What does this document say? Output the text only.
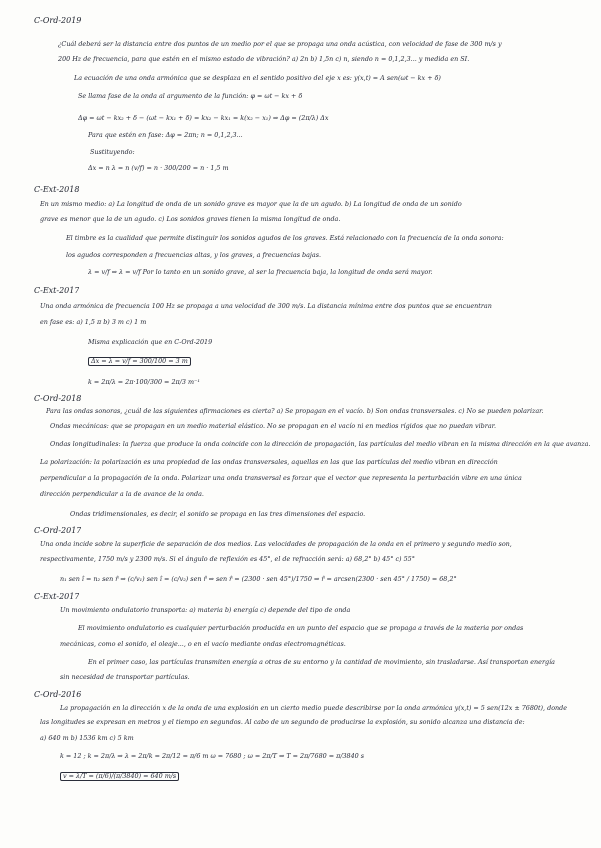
C-Ord-2019
¿Cuál deberá ser la distancia entre dos puntos de un medio por el que se propaga una onda acústica, con velocidad de fase de 300 m/s y
200 Hz de frecuencia, para que estén en el mismo estado de vibración? a) 2n b) 1,5n c) n, siendo n = 0,1,2,3... y medida en SI.
La ecuación de una onda armónica que se desplaza en el sentido positivo del eje x es: y(x,t) = A sen(ωt − kx + δ)
Se llama fase de la onda al argumento de la función: φ = ωt − kx + δ
Δφ = ωt − kx₂ + δ − (ωt − kx₁ + δ) = kx₂ − kx₁ = k(x₂ − x₁) ⇒ Δφ = (2π/λ) Δx
Para que estén en fase: Δφ = 2πn; n = 0,1,2,3...
Sustituyendo:
Δx = n λ = n (v/f) = n · 300/200 = n · 1,5 m
C-Ext-2018
En un mismo medio: a) La longitud de onda de un sonido grave es mayor que la de un agudo. b) La longitud de onda de un sonido
grave es menor que la de un agudo. c) Los sonidos graves tienen la misma longitud de onda.
El timbre es la cualidad que permite distinguir los sonidos agudos de los graves. Está relacionado con la frecuencia de la onda sonora:
los agudos corresponden a frecuencias altas, y los graves, a frecuencias bajas.
λ = v/f ⇒ λ = v/f Por lo tanto en un sonido grave, al ser la frecuencia baja, la longitud de onda será mayor.
C-Ext-2017
Una onda armónica de frecuencia 100 Hz se propaga a una velocidad de 300 m/s. La distancia mínima entre dos puntos que se encuentran
en fase es: a) 1,5 π b) 3 m c) 1 m
Misma explicación que en C-Ord-2019
Δx = λ = v/f = 300/100 = 3 m
k = 2π/λ = 2π·100/300 = 2π/3 m⁻¹
C-Ord-2018
Para las ondas sonoras, ¿cuál de las siguientes afirmaciones es cierta? a) Se propagan en el vacío. b) Son ondas transversales. c) No se pueden polarizar.
Ondas mecánicas: que se propagan en un medio material elástico. No se propagan en el vacío ni en medios rígidos que no puedan vibrar.
Ondas longitudinales: la fuerza que produce la onda coincide con la dirección de propagación, las partículas del medio vibran en la misma dirección en la que avanza.
La polarización: la polarización es una propiedad de las ondas transversales, aquellas en las que las partículas del medio vibran en dirección
perpendicular a la propagación de la onda. Polarizar una onda transversal es forzar que el vector que representa la perturbación vibre en una única
dirección perpendicular a la de avance de la onda.
Ondas tridimensionales, es decir, el sonido se propaga en las tres dimensiones del espacio.
C-Ord-2017
Una onda incide sobre la superficie de separación de dos medios. Las velocidades de propagación de la onda en el primero y segundo medio son,
respectivamente, 1750 m/s y 2300 m/s. Si el ángulo de reflexión es 45°, el de refracción será: a) 68,2° b) 45° c) 55°
n₁ sen î = n₂ sen r̂ ⇒ (c/v₁) sen î = (c/v₂) sen r̂ ⇒ sen r̂ = (2300 · sen 45°)/1750 ⇒ r̂ = arcsen(2300 · sen 45° / 1750) = 68,2°
C-Ext-2017
Un movimiento ondulatorio transporta: a) materia b) energía c) depende del tipo de onda
El movimiento ondulatorio es cualquier perturbación producida en un punto del espacio que se propaga a través de la materia por ondas
mecánicas, como el sonido, el oleaje..., o en el vacío mediante ondas electromagnéticas.
En el primer caso, las partículas transmiten energía a otras de su entorno y la cantidad de movimiento, sin trasladarse. Así transportan energía
sin necesidad de transportar partículas.
C-Ord-2016
La propagación en la dirección x de la onda de una explosión en un cierto medio puede describirse por la onda armónica y(x,t) = 5 sen(12x ± 7680t), donde
las longitudes se expresan en metros y el tiempo en segundos. Al cabo de un segundo de producirse la explosión, su sonido alcanza una distancia de:
a) 640 m b) 1536 km c) 5 km
k = 12 ; k = 2π/λ ⇒ λ = 2π/k = 2π/12 = π/6 m ω = 7680 ; ω = 2π/T ⇒ T = 2π/7680 = π/3840 s
v = λ/T = (π/6)/(π/3840) = 640 m/s
